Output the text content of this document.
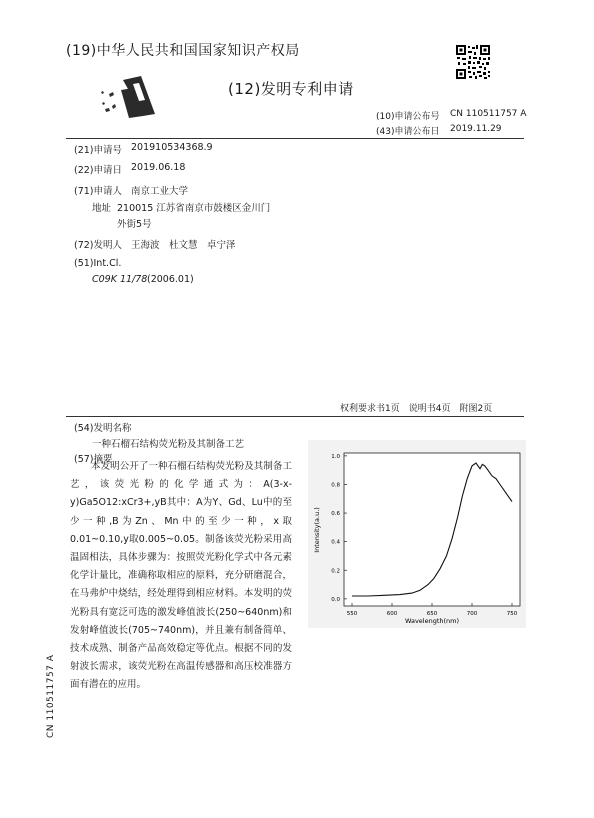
(19)中华人民共和国国家知识产权局
(12)发明专利申请
(10)申请公布号 CN 110511757 A
(43)申请公布日 2019.11.29
(21)申请号 201910534368.9
(22)申请日 2019.06.18
(71)申请人 南京工业大学
地址 210015 江苏省南京市鼓楼区金川门
外街5号
(72)发明人 王海波　杜文慧　卓宁泽
(51)Int.Cl.
C09K 11/78 (2006.01)
权利要求书1页　说明书4页　附图2页
(54)发明名称
一种石榴石结构荧光粉及其制备工艺
(57)摘要
本发明公开了一种石榴石结构荧光粉及其制备工艺，该荧光粉的化学通式为：A(3-x-y)Ga5O12:xCr3+,yB其中：A为Y、Gd、Lu中的至少一种,B为Zn、Mn中的至少一种，x取0.01~0.10,y取0.005~0.05。制备该荧光粉采用高温固相法，具体步骤为：按照荧光粉化学式中各元素化学计量比，准确称取相应的原料，充分研磨混合，在马弗炉中烧结，经处理得到相应材料。本发明的荧光粉具有宽泛可选的激发峰值波长(250~640nm)和发射峰值波长(705~740nm)，并且兼有制备简单、技术成熟、制备产品高效稳定等优点。根据不同的发射波长需求，该荧光粉在高温传感器和高压校准器方面有潜在的应用。
550	600	650	700	750
0.0
0.2
0.4
0.6
0.8
1.0
Wavelength(nm)
Intensity(a.u.)
CN 110511757 A
